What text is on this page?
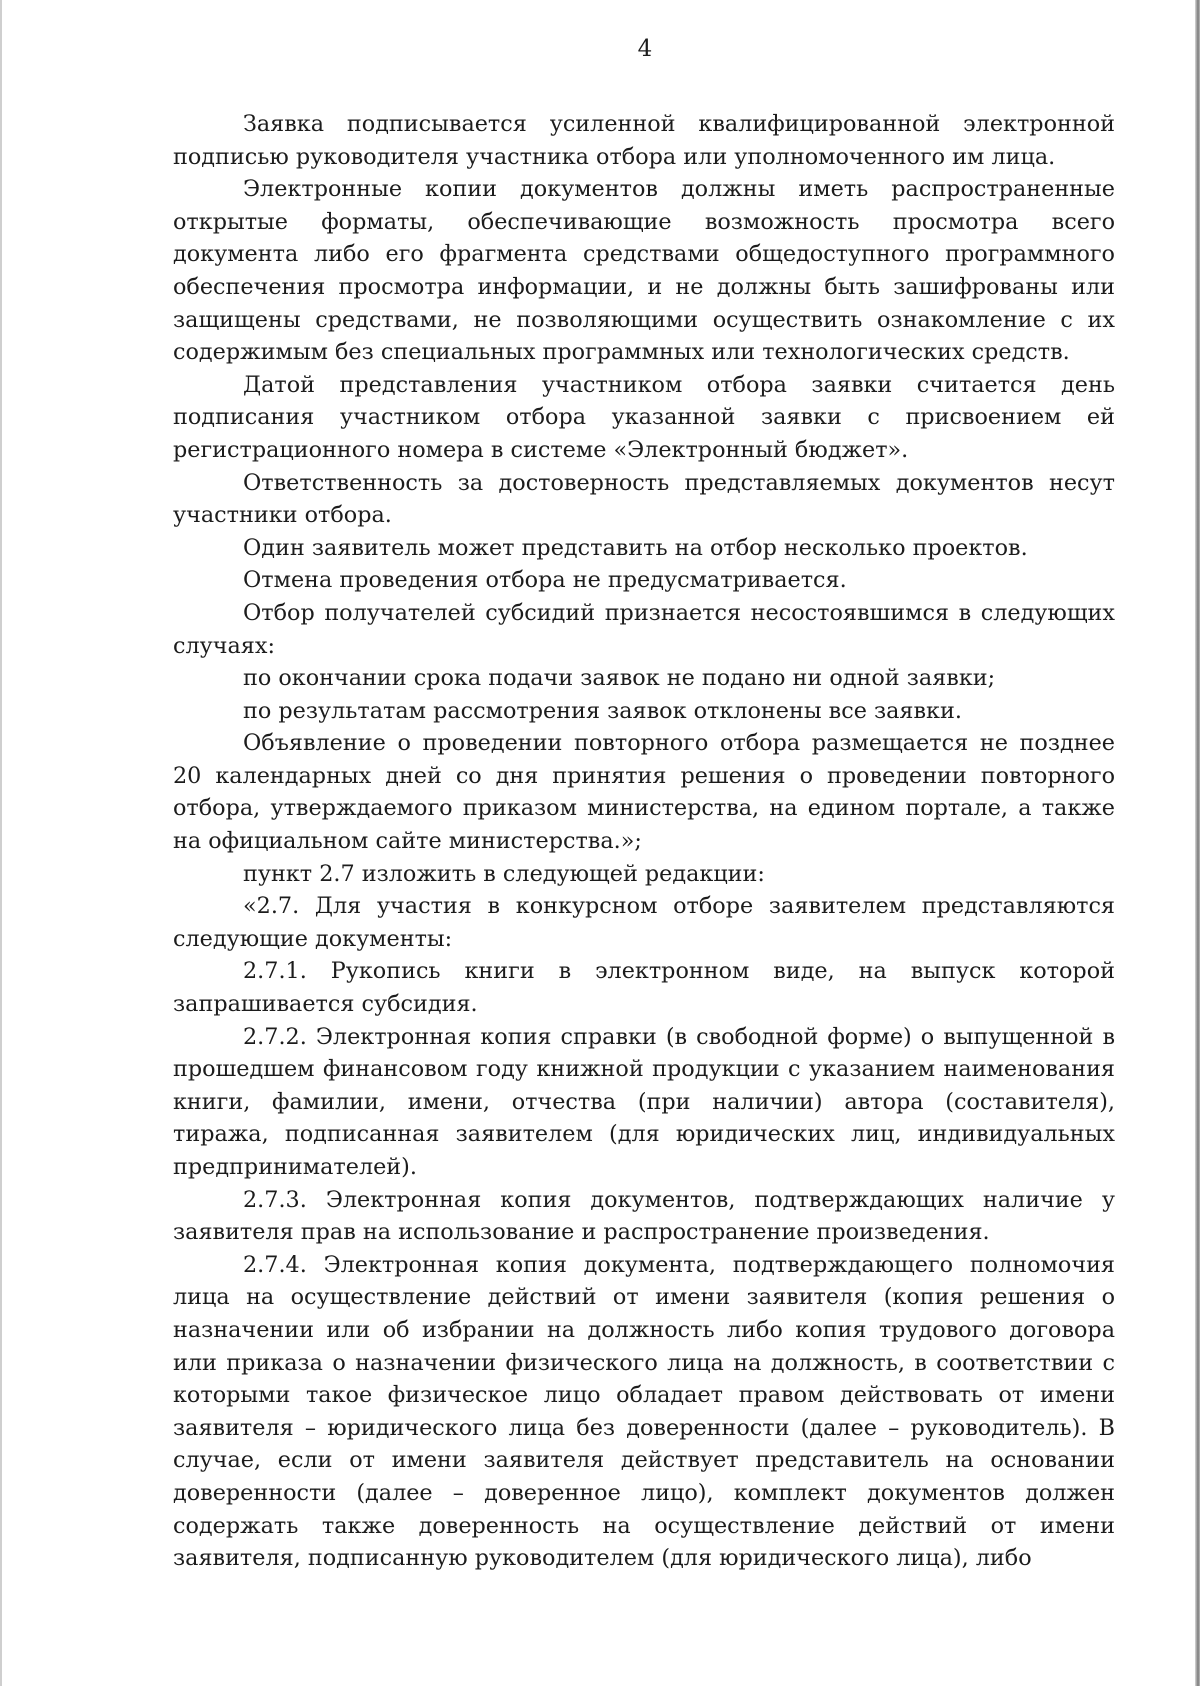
4

Заявка подписывается усиленной квалифицированной электронной подписью руководителя участника отбора или уполномоченного им лица.

Электронные копии документов должны иметь распространенные открытые форматы, обеспечивающие возможность просмотра всего документа либо его фрагмента средствами общедоступного программного обеспечения просмотра информации, и не должны быть зашифрованы или защищены средствами, не позволяющими осуществить ознакомление с их содержимым без специальных программных или технологических средств.

Датой представления участником отбора заявки считается день подписания участником отбора указанной заявки с присвоением ей регистрационного номера в системе «Электронный бюджет».

Ответственность за достоверность представляемых документов несут участники отбора.

Один заявитель может представить на отбор несколько проектов.

Отмена проведения отбора не предусматривается.

Отбор получателей субсидий признается несостоявшимся в следующих случаях:

по окончании срока подачи заявок не подано ни одной заявки;

по результатам рассмотрения заявок отклонены все заявки.

Объявление о проведении повторного отбора размещается не позднее 20 календарных дней со дня принятия решения о проведении повторного отбора, утверждаемого приказом министерства, на едином портале, а также на официальном сайте министерства.»;

пункт 2.7 изложить в следующей редакции:

«2.7. Для участия в конкурсном отборе заявителем представляются следующие документы:

2.7.1. Рукопись книги в электронном виде, на выпуск которой запрашивается субсидия.

2.7.2. Электронная копия справки (в свободной форме) о выпущенной в прошедшем финансовом году книжной продукции с указанием наименования книги, фамилии, имени, отчества (при наличии) автора (составителя), тиража, подписанная заявителем (для юридических лиц, индивидуальных предпринимателей).

2.7.3. Электронная копия документов, подтверждающих наличие у заявителя прав на использование и распространение произведения.

2.7.4. Электронная копия документа, подтверждающего полномочия лица на осуществление действий от имени заявителя (копия решения о назначении или об избрании на должность либо копия трудового договора или приказа о назначении физического лица на должность, в соответствии с которыми такое физическое лицо обладает правом действовать от имени заявителя – юридического лица без доверенности (далее – руководитель). В случае, если от имени заявителя действует представитель на основании доверенности (далее – доверенное лицо), комплект документов должен содержать также доверенность на осуществление действий от имени заявителя, подписанную руководителем (для юридического лица), либо
